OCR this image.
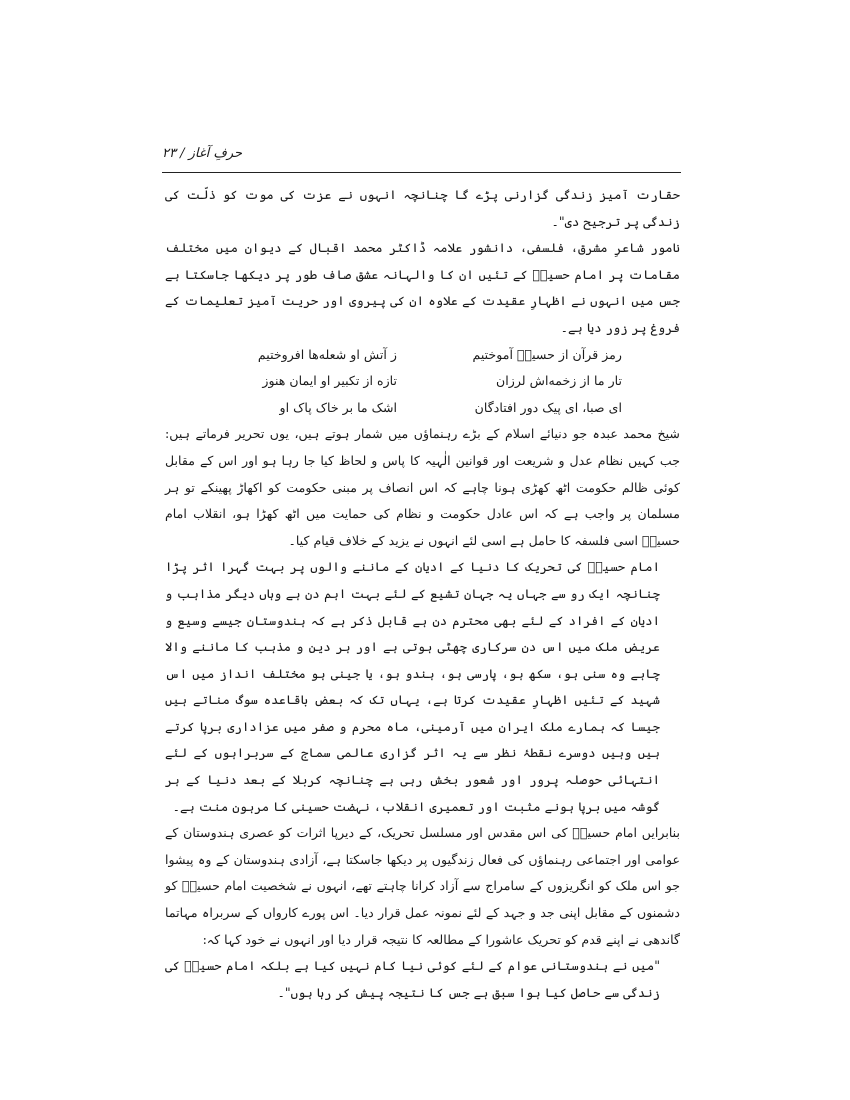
حرفِ آغاز / ۲۳

حقارت آمیز زندگی گزارنی پڑے گا چنانچہ انہوں نے عزت کی موت کو ذلّت کی زندگی پر ترجیح دی"۔

نامور شاعرِ مشرق، فلسفی، دانشور علامہ ڈاکٹر محمد اقبال کے دیوان میں مختلف مقامات پر امام حسینؑ کے تئیں ان کا والہانہ عشق صاف طور پر دیکھا جاسکتا ہے جس میں انہوں نے اظہارِ عقیدت کے علاوہ ان کی پیروی اور حریت آمیز تعلیمات کے فروغ پر زور دیا ہے۔

رمز قرآن از حسینؑ آموختیم
ز آتش او شعله‌ها افروختیم
تار ما از زخمه‌اش لرزان
تازه از تکبیر او ایمان هنوز
ای صبا، ای پیک دور افتادگان
اشک ما بر خاک پاک او

شیخ محمد عبدہ جو دنیائے اسلام کے بڑے رہنماؤں میں شمار ہوتے ہیں، یوں تحریر فرماتے ہیں: جب کہیں نظام عدل و شریعت اور قوانین الٰہیہ کا پاس و لحاظ کیا جا رہا ہو اور اس کے مقابل کوئی ظالم حکومت اٹھ کھڑی ہونا چاہے کہ اس انصاف پر مبنی حکومت کو اکھاڑ پھینکے تو ہر مسلمان پر واجب ہے کہ اس عادل حکومت و نظام کی حمایت میں اٹھ کھڑا ہو، انقلاب امام حسینؑ اسی فلسفہ کا حامل ہے اسی لئے انہوں نے یزید کے خلاف قیام کیا۔

امام حسینؑ کی تحریک کا دنیا کے ادیان کے ماننے والوں پر بہت گہرا اثر پڑا چنانچہ ایک رو سے جہاں یہ جہان تشیع کے لئے بہت اہم دن ہے وہاں دیگر مذاہب و ادیان کے افراد کے لئے بھی محترم دن ہے قابل ذکر ہے کہ ہندوستان جیسے وسیع و عریض ملک میں اس دن سرکاری چھٹی ہوتی ہے اور ہر دین و مذہب کا ماننے والا چاہے وہ سنی ہو، سکھ ہو، پارسی ہو، ہندو ہو، یا جینی ہو مختلف انداز میں اس شہید کے تئیں اظہارِ عقیدت کرتا ہے، یہاں تک کہ بعض باقاعدہ سوگ مناتے ہیں جیسا کہ ہمارے ملک ایران میں آرمینی، ماہ محرم و صفر میں عزاداری برپا کرتے ہیں وہیں دوسرے نقطۂ نظر سے یہ اثر گزاری عالمی سماج کے سربراہوں کے لئے انتہائی حوصلہ پرور اور شعور بخش رہی ہے چنانچہ کربلا کے بعد دنیا کے ہر گوشہ میں برپا ہونے مثبت اور تعمیری انقلاب، نہضت حسینی کا مرہون منت ہے۔

بنابرایں امام حسینؑ کی اس مقدس اور مسلسل تحریک، کے دیرپا اثرات کو عصری ہندوستان کے عوامی اور اجتماعی رہنماؤں کی فعال زندگیوں پر دیکھا جاسکتا ہے، آزادی ہندوستان کے وہ پیشوا جو اس ملک کو انگریزوں کے سامراج سے آزاد کرانا چاہتے تھے، انہوں نے شخصیت امام حسینؑ کو دشمنوں کے مقابل اپنی جد و جہد کے لئے نمونہ عمل قرار دیا۔ اس پورے کارواں کے سربراہ مہاتما گاندھی نے اپنے قدم کو تحریک عاشورا کے مطالعہ کا نتیجہ قرار دیا اور انہوں نے خود کہا کہ:

"میں نے ہندوستانی عوام کے لئے کوئی نیا کام نہیں کیا ہے بلکہ امام حسینؑ کی زندگی سے حاصل کیا ہوا سبق ہے جس کا نتیجہ پیش کر رہا ہوں"۔
